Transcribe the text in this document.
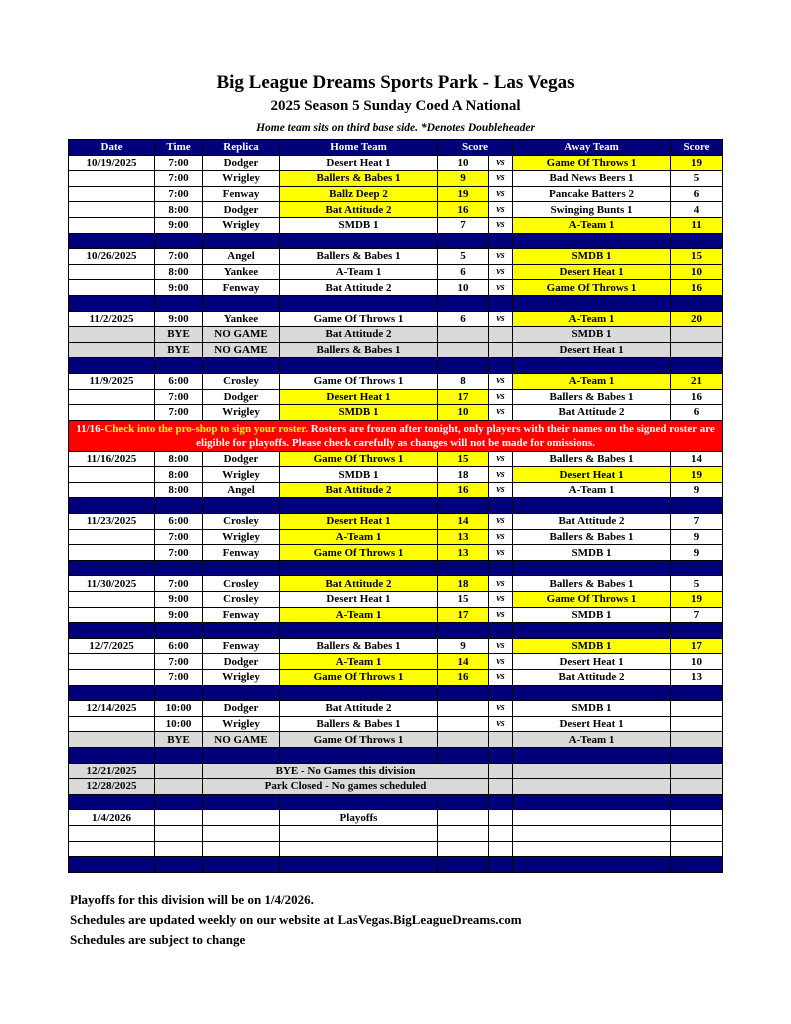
Big League Dreams Sports Park - Las Vegas
2025 Season 5 Sunday Coed A National
Home team sits on third base side. *Denotes Doubleheader
Date	Time	Replica	Home Team	Score		Away Team	Score
10/19/2025	7:00	Dodger	Desert Heat 1	10	vs	Game Of Throws 1	19
	7:00	Wrigley	Ballers & Babes 1	9	vs	Bad News Beers 1	5
	7:00	Fenway	Ballz Deep 2	19	vs	Pancake Batters 2	6
	8:00	Dodger	Bat Attitude 2	16	vs	Swinging Bunts 1	4
	9:00	Wrigley	SMDB 1	7	vs	A-Team 1	11

10/26/2025	7:00	Angel	Ballers & Babes 1	5	vs	SMDB 1	15
	8:00	Yankee	A-Team 1	6	vs	Desert Heat 1	10
	9:00	Fenway	Bat Attitude 2	10	vs	Game Of Throws 1	16

11/2/2025	9:00	Yankee	Game Of Throws 1	6	vs	A-Team 1	20
	BYE	NO GAME	Bat Attitude 2			SMDB 1	
	BYE	NO GAME	Ballers & Babes 1			Desert Heat 1	

11/9/2025	6:00	Crosley	Game Of Throws 1	8	vs	A-Team 1	21
	7:00	Dodger	Desert Heat 1	17	vs	Ballers & Babes 1	16
	7:00	Wrigley	SMDB 1	10	vs	Bat Attitude 2	6
11/16-Check into the pro-shop to sign your roster. Rosters are frozen after tonight, only players with their names on the signed roster are eligible for playoffs. Please check carefully as changes will not be made for omissions.							
11/16/2025	8:00	Dodger	Game Of Throws 1	15	vs	Ballers & Babes 1	14
	8:00	Wrigley	SMDB 1	18	vs	Desert Heat 1	19
	8:00	Angel	Bat Attitude 2	16	vs	A-Team 1	9

11/23/2025	6:00	Crosley	Desert Heat 1	14	vs	Bat Attitude 2	7
	7:00	Wrigley	A-Team 1	13	vs	Ballers & Babes 1	9
	7:00	Fenway	Game Of Throws 1	13	vs	SMDB 1	9

11/30/2025	7:00	Crosley	Bat Attitude 2	18	vs	Ballers & Babes 1	5
	9:00	Crosley	Desert Heat 1	15	vs	Game Of Throws 1	19
	9:00	Fenway	A-Team 1	17	vs	SMDB 1	7

12/7/2025	6:00	Fenway	Ballers & Babes 1	9	vs	SMDB 1	17
	7:00	Dodger	A-Team 1	14	vs	Desert Heat 1	10
	7:00	Wrigley	Game Of Throws 1	16	vs	Bat Attitude 2	13

12/14/2025	10:00	Dodger	Bat Attitude 2		vs	SMDB 1	
	10:00	Wrigley	Ballers & Babes 1		vs	Desert Heat 1	
	BYE	NO GAME	Game Of Throws 1			A-Team 1	

12/21/2025		BYE - No Games this division					
12/28/2025		Park Closed - No games scheduled					

1/4/2026			Playoffs				

Playoffs for this division will be on 1/4/2026.
Schedules are updated weekly on our website at LasVegas.BigLeagueDreams.com
Schedules are subject to change
